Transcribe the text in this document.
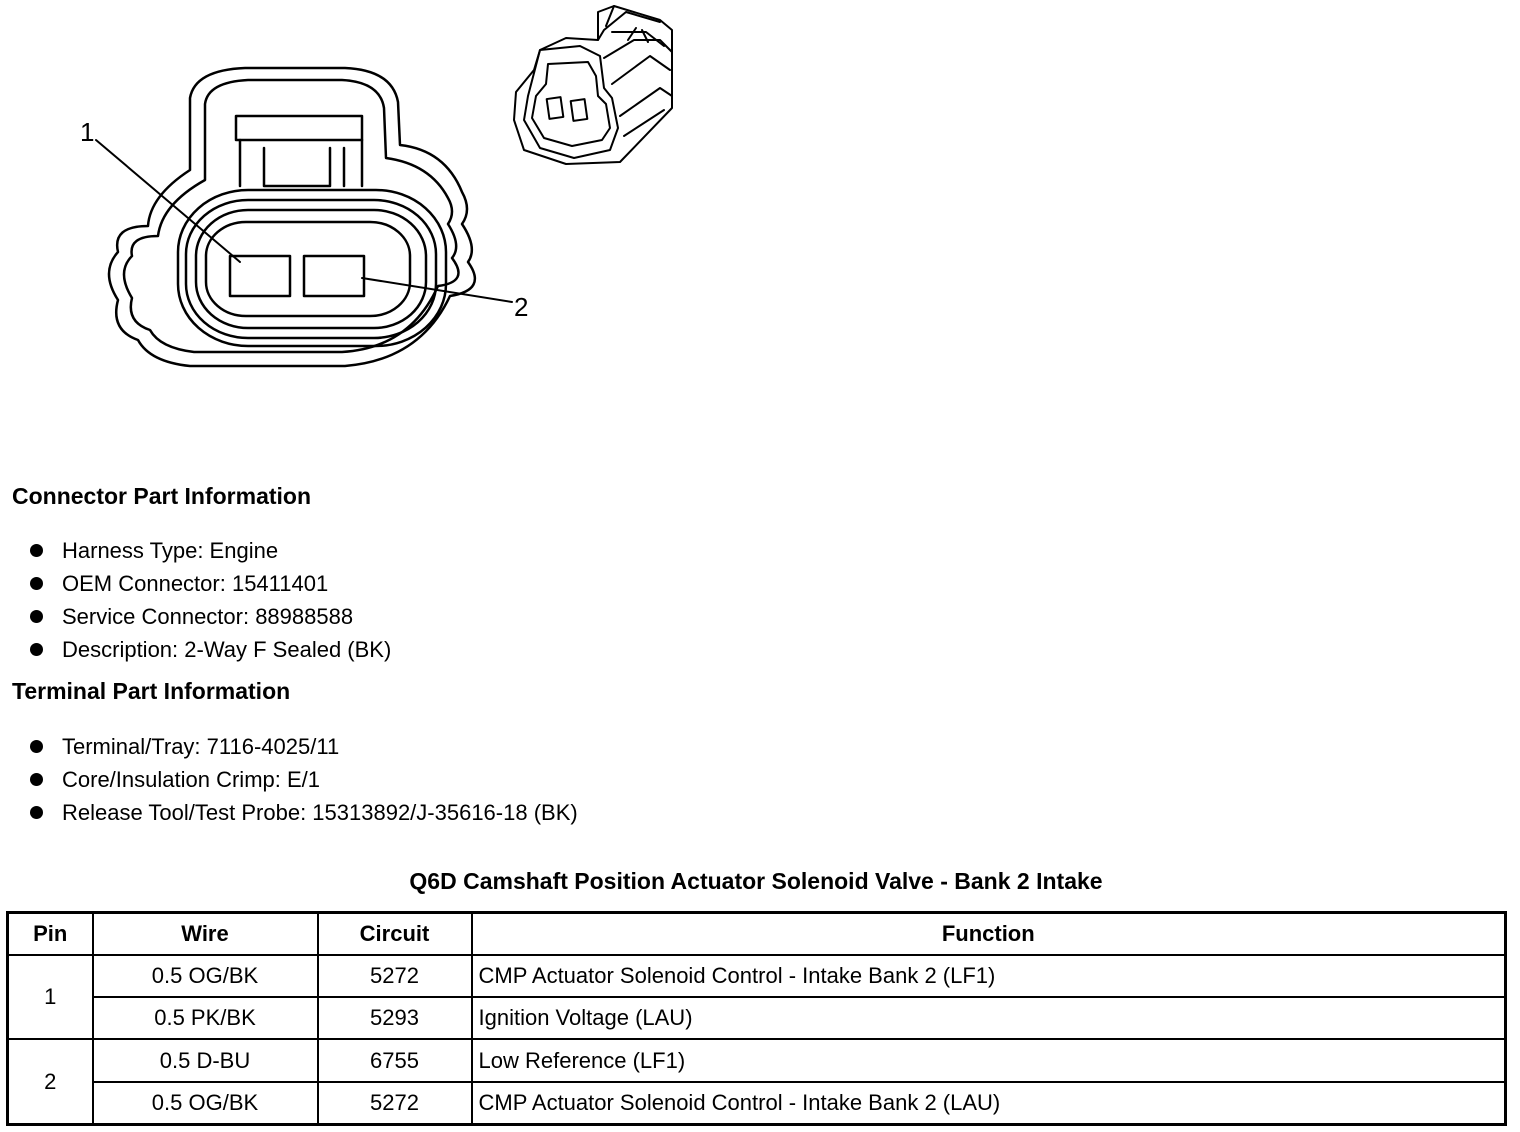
1
2
Connector Part Information
Harness Type: Engine
OEM Connector: 15411401
Service Connector: 88988588
Description: 2-Way F Sealed (BK)
Terminal Part Information
Terminal/Tray: 7116-4025/11
Core/Insulation Crimp: E/1
Release Tool/Test Probe: 15313892/J-35616-18 (BK)
Q6D Camshaft Position Actuator Solenoid Valve - Bank 2 Intake
Pin	Wire	Circuit	Function
1	0.5 OG/BK	5272	CMP Actuator Solenoid Control - Intake Bank 2 (LF1)
	0.5 PK/BK	5293	Ignition Voltage (LAU)
2	0.5 D-BU	6755	Low Reference (LF1)
	0.5 OG/BK	5272	CMP Actuator Solenoid Control - Intake Bank 2 (LAU)
